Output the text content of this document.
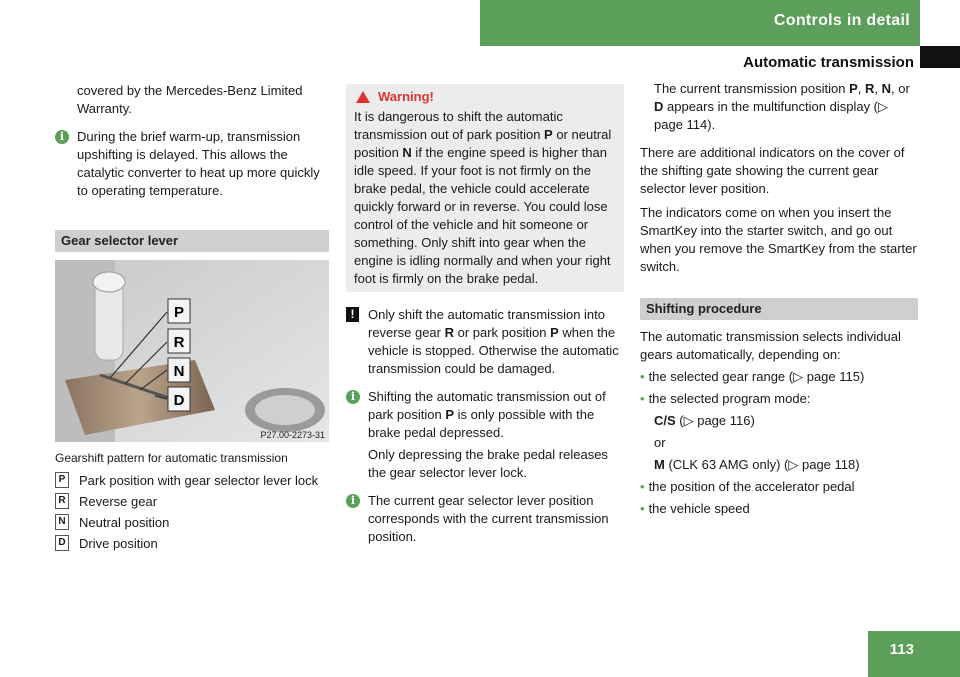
Controls in detail
Automatic transmission

covered by the Mercedes-Benz Limited Warranty.

i During the brief warm-up, transmission upshifting is delayed. This allows the catalytic converter to heat up more quickly to operating temperature.
Gear selector lever
P
R
N
D
P27.00-2273-31
Gearshift pattern for automatic transmission
P Park position with gear selector lever lock
R Reverse gear
N Neutral position
D Drive position
Warning!
It is dangerous to shift the automatic transmission out of park position P or neutral position N if the engine speed is higher than idle speed. If your foot is not firmly on the brake pedal, the vehicle could accelerate quickly forward or in reverse. You could lose control of the vehicle and hit someone or something. Only shift into gear when the engine is idling normally and when your right foot is firmly on the brake pedal.
!	Only shift the automatic transmission into reverse gear R or park position P when the vehicle is stopped. Otherwise the automatic transmission could be damaged.
i Shifting the automatic transmission out of park position P is only possible with the brake pedal depressed.

Only depressing the brake pedal releases the gear selector lever lock.

i The current gear selector lever position corresponds with the current transmission position.

The current transmission position P, R, N, or D appears in the multifunction display (▷ page 114).

There are additional indicators on the cover of the shifting gate showing the current gear selector lever position.

The indicators come on when you insert the SmartKey into the starter switch, and go out when you remove the SmartKey from the starter switch.

Shifting procedure

The automatic transmission selects individual gears automatically, depending on:

• the selected gear range (▷ page 115)
• the selected program mode:
C/S (▷ page 116)
or
M (CLK 63 AMG only) (▷ page 118)
• the position of the accelerator pedal
• the vehicle speed
113
